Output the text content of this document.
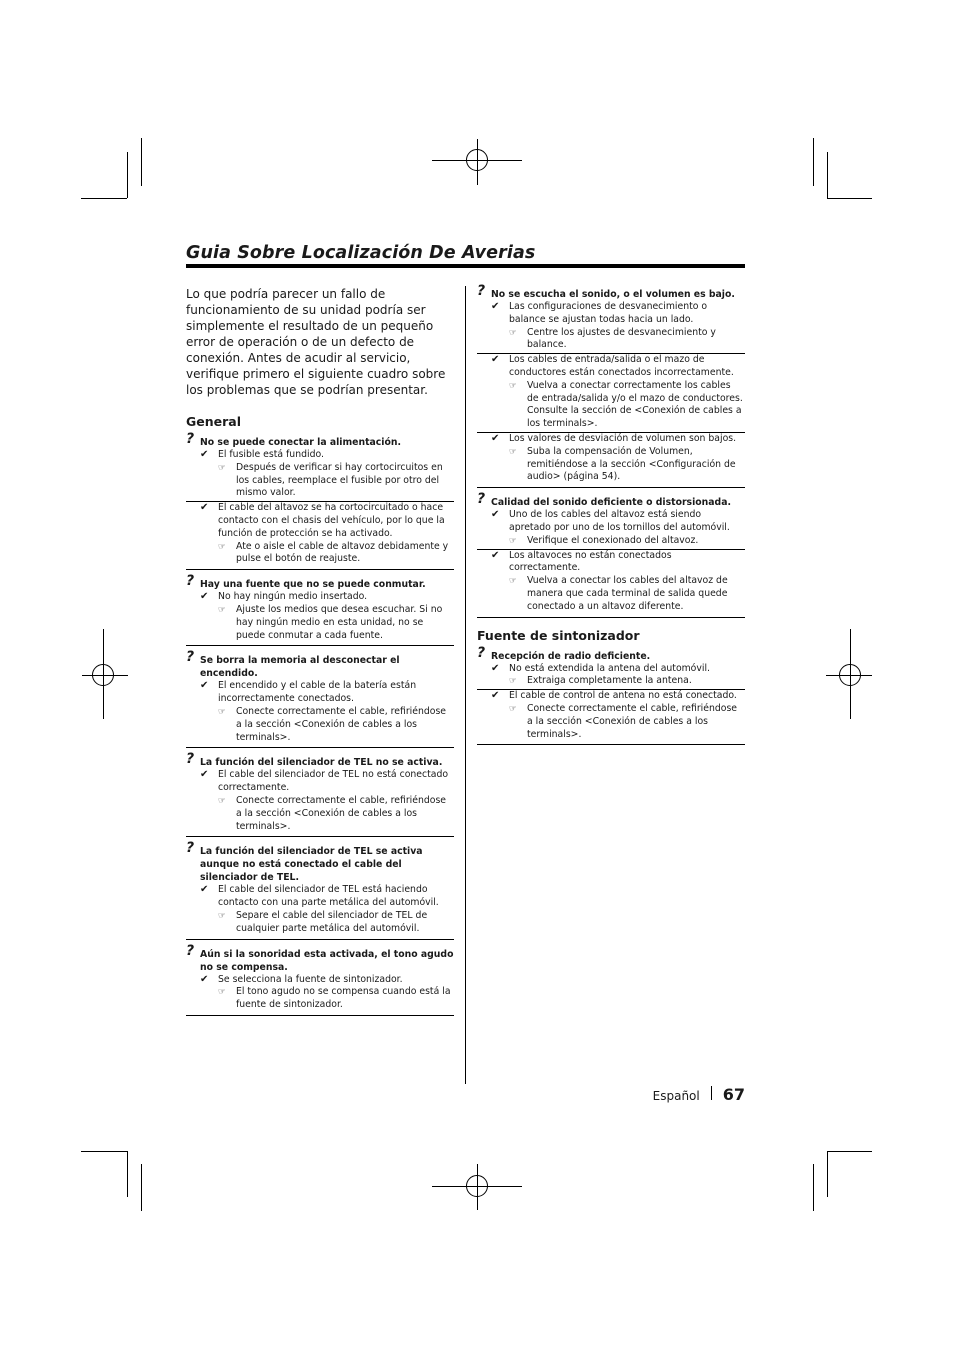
Guia Sobre Localización De Averias

Lo que podría parecer un fallo de funcionamiento de su unidad podría ser simplemente el resultado de un pequeño error de operación o de un defecto de conexión. Antes de acudir al servicio, verifique primero el siguiente cuadro sobre los problemas que se podrían presentar.

General
? No se puede conectar la alimentación.
✔ El fusible está fundido.
☞ Después de verificar si hay cortocircuitos en los cables, reemplace el fusible por otro del mismo valor.
✔ El cable del altavoz se ha cortocircuitado o hace contacto con el chasis del vehículo, por lo que la función de protección se ha activado.
☞ Ate o aisle el cable de altavoz debidamente y pulse el botón de reajuste.
? Hay una fuente que no se puede conmutar.
✔ No hay ningún medio insertado.
☞ Ajuste los medios que desea escuchar. Si no hay ningún medio en esta unidad, no se puede conmutar a cada fuente.
? Se borra la memoria al desconectar el encendido.
✔ El encendido y el cable de la batería están incorrectamente conectados.
☞ Conecte correctamente el cable, refiriéndose a la sección <Conexión de cables a los terminals>.
? La función del silenciador de TEL no se activa.
✔ El cable del silenciador de TEL no está conectado correctamente.
☞ Conecte correctamente el cable, refiriéndose a la sección <Conexión de cables a los terminals>.
? La función del silenciador de TEL se activa aunque no está conectado el cable del silenciador de TEL.
✔ El cable del silenciador de TEL está haciendo contacto con una parte metálica del automóvil.
☞ Separe el cable del silenciador de TEL de cualquier parte metálica del automóvil.
? Aún si la sonoridad esta activada, el tono agudo no se compensa.
✔ Se selecciona la fuente de sintonizador.
☞ El tono agudo no se compensa cuando está la fuente de sintonizador.
? No se escucha el sonido, o el volumen es bajo.
✔ Las configuraciones de desvanecimiento o balance se ajustan todas hacia un lado.
☞ Centre los ajustes de desvanecimiento y balance.
✔ Los cables de entrada/salida o el mazo de conductores están conectados incorrectamente.
☞ Vuelva a conectar correctamente los cables de entrada/salida y/o el mazo de conductores. Consulte la sección de <Conexión de cables a los terminals>.
✔ Los valores de desviación de volumen son bajos.
☞ Suba la compensación de Volumen, remitiéndose a la sección <Configuración de audio> (página 54).
? Calidad del sonido deficiente o distorsionada.
✔ Uno de los cables del altavoz está siendo apretado por uno de los tornillos del automóvil.
☞ Verifique el conexionado del altavoz.
✔ Los altavoces no están conectados correctamente.
☞ Vuelva a conectar los cables del altavoz de manera que cada terminal de salida quede conectado a un altavoz diferente.
Fuente de sintonizador
? Recepción de radio deficiente.
✔ No está extendida la antena del automóvil.
☞ Extraiga completamente la antena.
✔ El cable de control de antena no está conectado.
☞ Conecte correctamente el cable, refiriéndose a la sección <Conexión de cables a los terminals>.
Español 67
